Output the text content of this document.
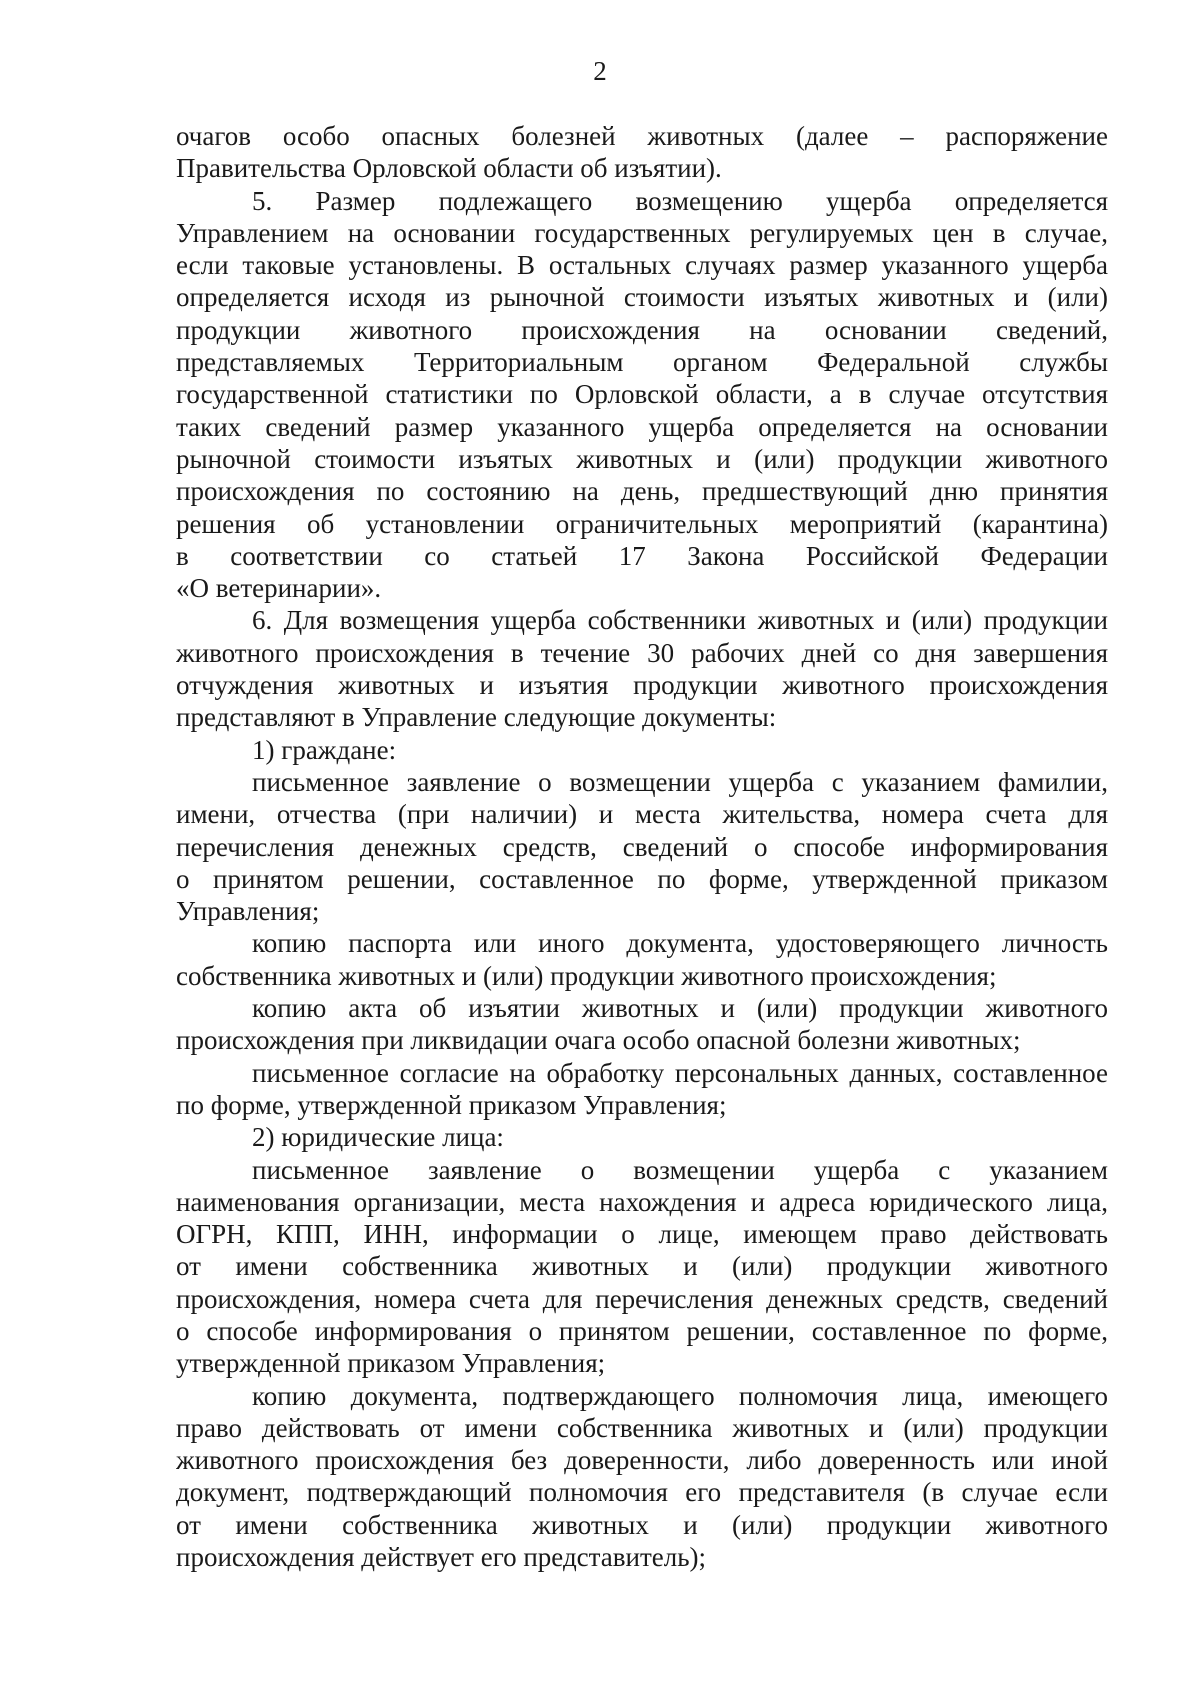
2
очагов особо опасных болезней животных (далее – распоряжение
Правительства Орловской области об изъятии).
5. Размер подлежащего возмещению ущерба определяется
Управлением на основании государственных регулируемых цен в случае,
если таковые установлены. В остальных случаях размер указанного ущерба
определяется исходя из рыночной стоимости изъятых животных и (или)
продукции животного происхождения на основании сведений,
представляемых Территориальным органом Федеральной службы
государственной статистики по Орловской области, а в случае отсутствия
таких сведений размер указанного ущерба определяется на основании
рыночной стоимости изъятых животных и (или) продукции животного
происхождения по состоянию на день, предшествующий дню принятия
решения об установлении ограничительных мероприятий (карантина)
в соответствии со статьей 17 Закона Российской Федерации
«О ветеринарии».
6. Для возмещения ущерба собственники животных и (или) продукции
животного происхождения в течение 30 рабочих дней со дня завершения
отчуждения животных и изъятия продукции животного происхождения
представляют в Управление следующие документы:
1) граждане:
письменное заявление о возмещении ущерба с указанием фамилии,
имени, отчества (при наличии) и места жительства, номера счета для
перечисления денежных средств, сведений о способе информирования
о принятом решении, составленное по форме, утвержденной приказом
Управления;
копию паспорта или иного документа, удостоверяющего личность
собственника животных и (или) продукции животного происхождения;
копию акта об изъятии животных и (или) продукции животного
происхождения при ликвидации очага особо опасной болезни животных;
письменное согласие на обработку персональных данных, составленное
по форме, утвержденной приказом Управления;
2) юридические лица:
письменное заявление о возмещении ущерба с указанием
наименования организации, места нахождения и адреса юридического лица,
ОГРН, КПП, ИНН, информации о лице, имеющем право действовать
от имени собственника животных и (или) продукции животного
происхождения, номера счета для перечисления денежных средств, сведений
о способе информирования о принятом решении, составленное по форме,
утвержденной приказом Управления;
копию документа, подтверждающего полномочия лица, имеющего
право действовать от имени собственника животных и (или) продукции
животного происхождения без доверенности, либо доверенность или иной
документ, подтверждающий полномочия его представителя (в случае если
от имени собственника животных и (или) продукции животного
происхождения действует его представитель);
